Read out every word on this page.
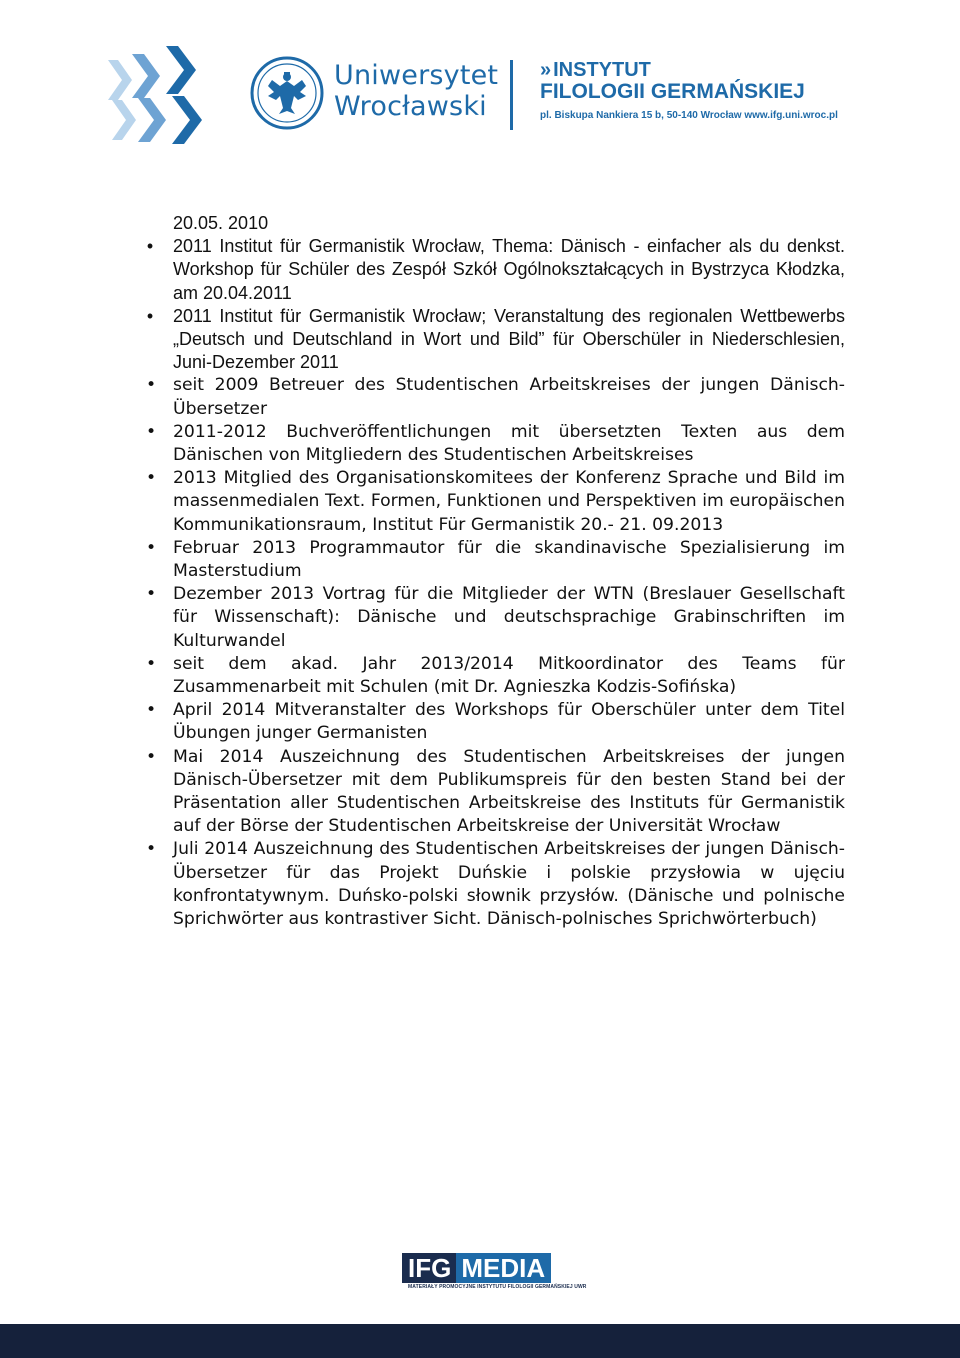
Uniwersytet
Wrocławski
» INSTYTUT
FILOLOGII GERMAŃSKIEJ
pl. Biskupa Nankiera 15 b, 50-140 Wrocław www.ifg.uni.wroc.pl
20.05. 2010
• 2011 Institut für Germanistik Wrocław, Thema: Dänisch - einfacher als du denkst. Workshop für Schüler des Zespół Szkół Ogólnokształcących in Bystrzyca Kłodzka, am 20.04.2011
• 2011 Institut für Germanistik Wrocław; Veranstaltung des regionalen Wettbewerbs „Deutsch und Deutschland in Wort und Bild” für Oberschüler in Niederschlesien, Juni-Dezember 2011
• seit 2009 Betreuer des Studentischen Arbeitskreises der jungen Dänisch-Übersetzer
• 2011-2012 Buchveröffentlichungen mit übersetzten Texten aus dem Dänischen von Mitgliedern des Studentischen Arbeitskreises
• 2013 Mitglied des Organisationskomitees der Konferenz Sprache und Bild im massenmedialen Text. Formen, Funktionen und Perspektiven im europäischen Kommunikationsraum, Institut Für Germanistik 20.- 21. 09.2013
• Februar 2013 Programmautor für die skandinavische Spezialisierung im Masterstudium
• Dezember 2013 Vortrag für die Mitglieder der WTN (Breslauer Gesellschaft für Wissenschaft): Dänische und deutschsprachige Grabinschriften im Kulturwandel
• seit dem akad. Jahr 2013/2014 Mitkoordinator des Teams für Zusammenarbeit mit Schulen (mit Dr. Agnieszka Kodzis-Sofińska)
• April 2014 Mitveranstalter des Workshops für Oberschüler unter dem Titel Übungen junger Germanisten
• Mai 2014 Auszeichnung des Studentischen Arbeitskreises der jungen Dänisch-Übersetzer mit dem Publikumspreis für den besten Stand bei der Präsentation aller Studentischen Arbeitskreise des Instituts für Germanistik auf der Börse der Studentischen Arbeitskreise der Universität Wrocław
• Juli 2014 Auszeichnung des Studentischen Arbeitskreises der jungen Dänisch-Übersetzer für das Projekt Duńskie i polskie przysłowia w ujęciu konfrontatywnym. Duńsko-polski słownik przysłów. (Dänische und polnische Sprichwörter aus kontrastiver Sicht. Dänisch-polnisches Sprichwörterbuch)
IFG MEDIA
MATERIAŁY PROMOCYJNE INSTYTUTU FILOLOGII GERMAŃSKIEJ UWR
